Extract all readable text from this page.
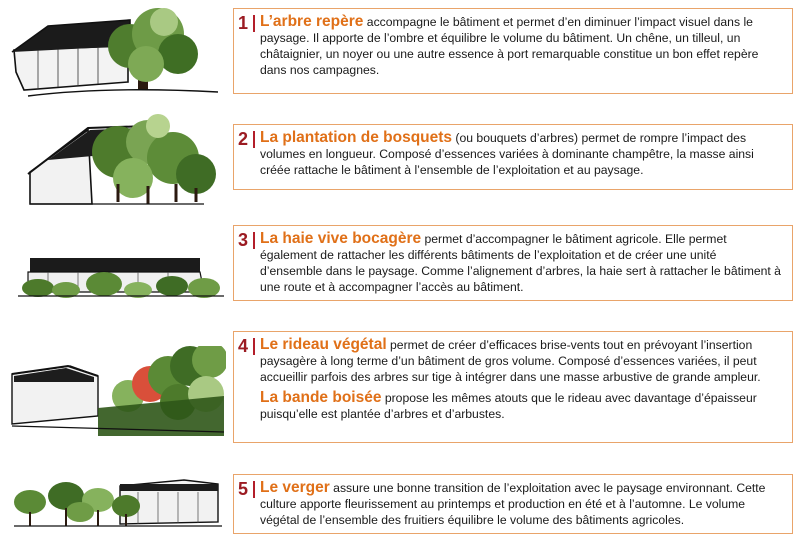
1 L’arbre repère accompagne le bâtiment et permet d’en diminuer l’impact visuel dans le paysage. Il apporte de l’ombre et équilibre le volume du bâtiment. Un chêne, un tilleul, un châtaignier, un noyer ou une autre essence à port remarquable constitue un bon effet repère dans nos campagnes.

2 La plantation de bosquets (ou bouquets d’arbres) permet de rompre l’impact des volumes en longueur. Composé d’essences variées à dominante champêtre, la masse ainsi créée rattache le bâtiment à l’ensemble de l’exploitation et au paysage.

3 La haie vive bocagère permet d’accompagner le bâtiment agricole. Elle permet également de rattacher les différents bâtiments de l’exploitation et de créer une unité d’ensemble dans le paysage. Comme l’alignement d’arbres, la haie sert à rattacher le bâtiment à une route et à accompagner l’accès au bâtiment.

4 Le rideau végétal permet de créer d’efficaces brise-vents tout en prévoyant l’insertion paysagère à long terme d’un bâtiment de gros volume. Composé d’essences variées, il peut accueillir parfois des arbres sur tige à intégrer dans une masse arbustive de grande ampleur.

La bande boisée propose les mêmes atouts que le rideau avec davantage d’épaisseur puisqu’elle est plantée d’arbres et d’arbustes.

5 Le verger assure une bonne transition de l’exploitation avec le paysage environnant. Cette culture apporte fleurissement au printemps et production en été et à l’automne. Le volume végétal de l’ensemble des fruitiers équilibre le volume des bâtiments agricoles.
